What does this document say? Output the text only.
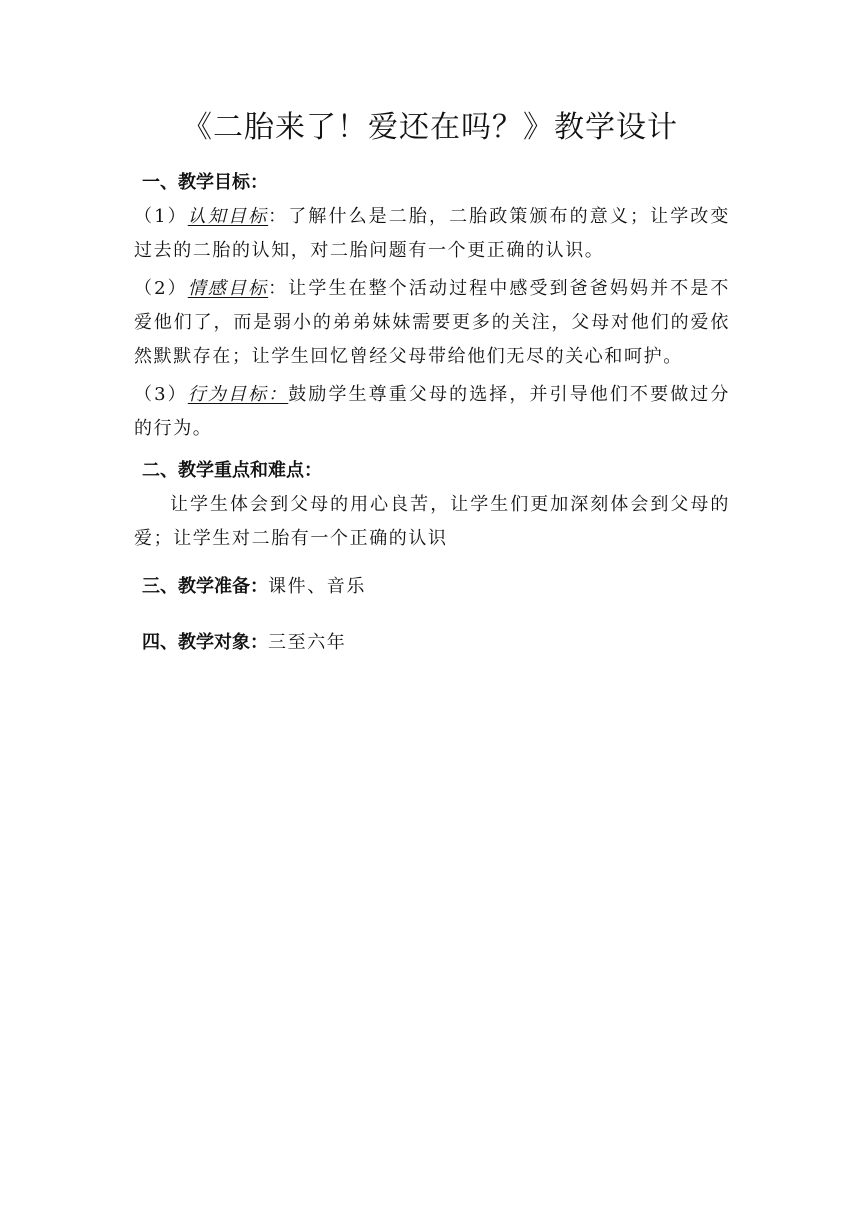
《二胎来了！爱还在吗？》教学设计
一、教学目标：

（1）认知目标：了解什么是二胎，二胎政策颁布的意义；让学改变过去的二胎的认知，对二胎问题有一个更正确的认识。

（2）情感目标：让学生在整个活动过程中感受到爸爸妈妈并不是不爱他们了，而是弱小的弟弟妹妹需要更多的关注，父母对他们的爱依然默默存在；让学生回忆曾经父母带给他们无尽的关心和呵护。

（3）行为目标：鼓励学生尊重父母的选择，并引导他们不要做过分的行为。

二、教学重点和难点：

让学生体会到父母的用心良苦，让学生们更加深刻体会到父母的爱；让学生对二胎有一个正确的认识

三、教学准备：课件、音乐
四、教学对象：三至六年
